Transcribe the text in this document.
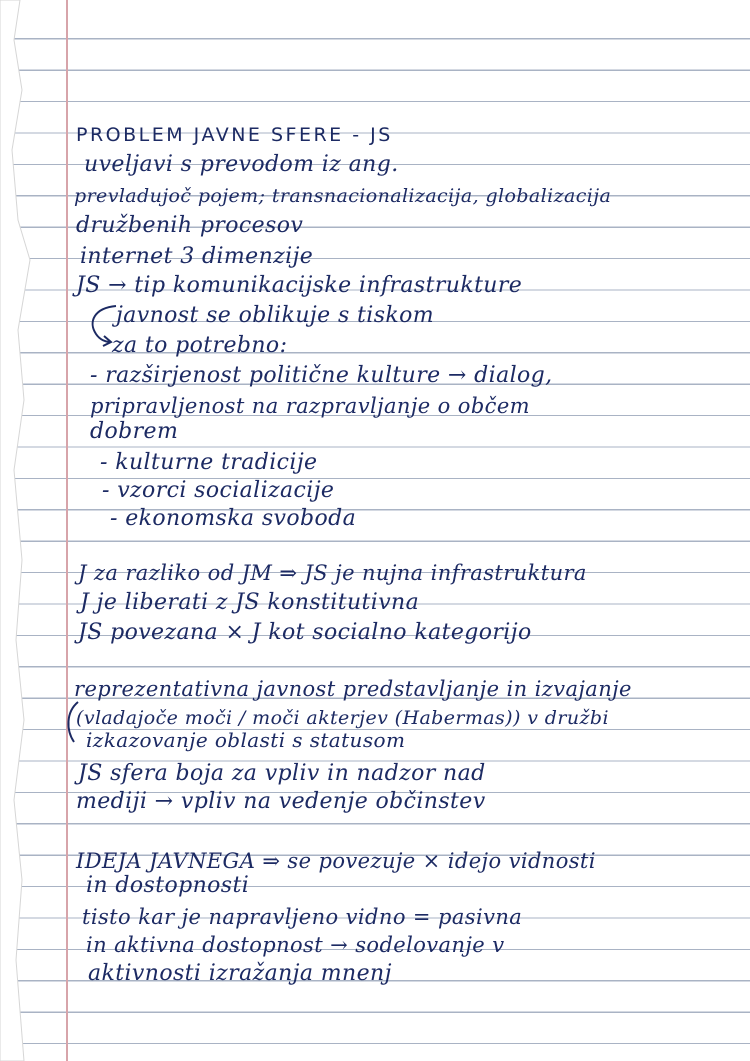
PROBLEM JAVNE SFERE - JS
uveljavi s prevodom iz ang.
prevladujoč pojem; transnacionalizacija, globalizacija
družbenih procesov
internet 3 dimenzije
JS → tip komunikacijske infrastrukture
javnost se oblikuje s tiskom
za to potrebno:
- razširjenost politične kulture → dialog,
pripravljenost na razpravljanje o občem
dobrem
- kulturne tradicije
- vzorci socializacije
- ekonomska svoboda
J za razliko od JM ⇒ JS je nujna infrastruktura
J je liberati z JS konstitutivna
JS povezana × J kot socialno kategorijo
reprezentativna javnost predstavljanje in izvajanje
(vladajoče moči / moči akterjev (Habermas)) v družbi
izkazovanje oblasti s statusom
JS sfera boja za vpliv in nadzor nad
mediji → vpliv na vedenje občinstev
IDEJA JAVNEGA ⇒ se povezuje × idejo vidnosti
in dostopnosti
tisto kar je napravljeno vidno = pasivna
in aktivna dostopnost → sodelovanje v
aktivnosti izražanja mnenj
